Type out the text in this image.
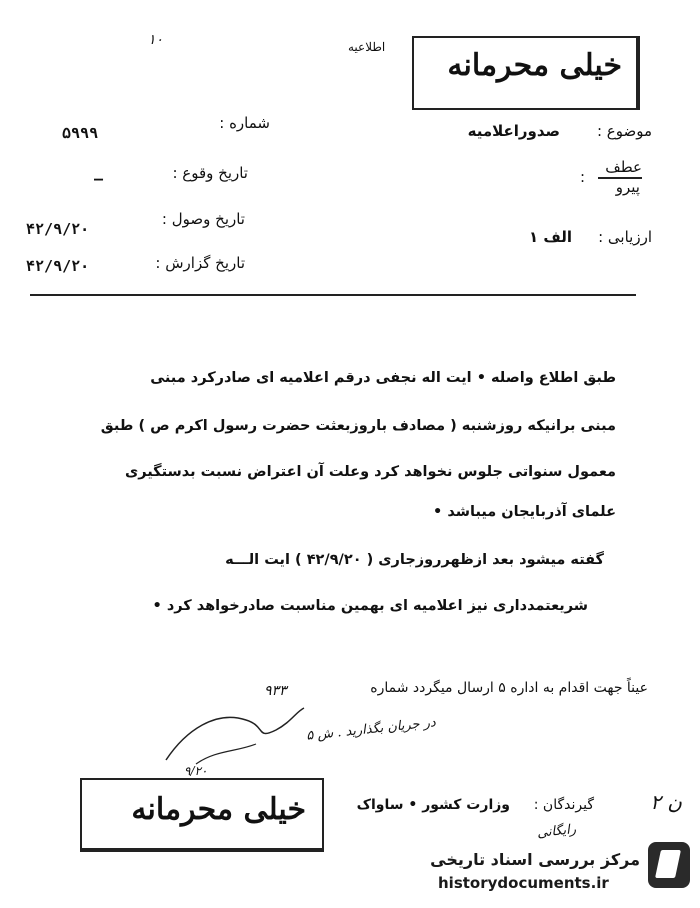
۱۰	اطلاعیه
خیلی محرمانه
شماره :
۵۹۹۹
تاریخ وقوع :
—
تاریخ وصول :
۴۲/۹/۲۰
تاریخ گزارش :
۴۲/۹/۲۰
موضوع :
صدوراعلامیه
عطف
پیرو
:
ارزیابی :
الف ۱
طبق اطلاع واصله • ایت اله نجفی درقم اعلامیه ای صادرکرد مبنی
مبنی برانیکه روزشنبه ( مصادف باروزبعثت حضرت رسول اکرم ص ) طبق
معمول سنواتی جلوس نخواهد کرد وعلت آن اعتراض نسبت بدستگیری
علمای آذربایجان میباشد •
گفته میشود بعد ازظهرروزجاری ( ۴۲/۹/۲۰ ) ایت الـــه
شریعتمدداری نیز اعلامیه ای بهمین مناسبت صادرخواهد کرد •
عیناً جهت اقدام به اداره ۵ ارسال میگردد شماره
۹۳۳
در جریان بگذارید . ش ۵
۹/۲۰
خیلی محرمانه	گیرندگان :
وزارت کشور • ساواک	ن ۲
رایگانی
مرکز بررسی اسناد تاریخی
historydocuments.ir
